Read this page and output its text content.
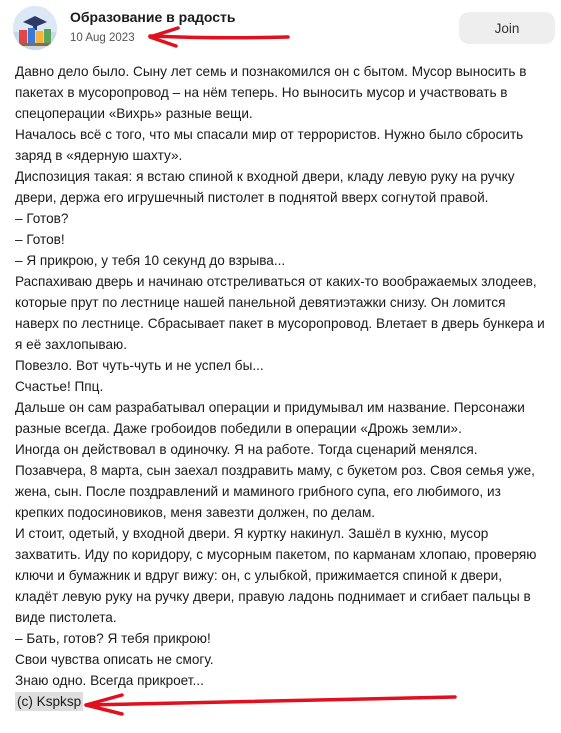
Образование в радость
10 Aug 2023
Join
Давно дело было. Сыну лет семь и познакомился он с бытом. Мусор выносить в
пакетах в мусоропровод – на нём теперь. Но выносить мусор и участвовать в
спецоперации «Вихрь» разные вещи.
Началось всё с того, что мы спасали мир от террористов. Нужно было сбросить
заряд в «ядерную шахту».
Диспозиция такая: я встаю спиной к входной двери, кладу левую руку на ручку
двери, держа его игрушечный пистолет в поднятой вверх согнутой правой.
– Готов?
– Готов!
– Я прикрою, у тебя 10 секунд до взрыва...
Распахиваю дверь и начинаю отстреливаться от каких-то воображаемых злодеев,
которые прут по лестнице нашей панельной девятиэтажки снизу. Он ломится
наверх по лестнице. Сбрасывает пакет в мусоропровод. Влетает в дверь бункера и
я её захлопываю.
Повезло. Вот чуть-чуть и не успел бы...
Счастье! Ппц.
Дальше он сам разрабатывал операции и придумывал им название. Персонажи
разные всегда. Даже гробоидов победили в операции «Дрожь земли».
Иногда он действовал в одиночку. Я на работе. Тогда сценарий менялся.
Позавчера, 8 марта, сын заехал поздравить маму, с букетом роз. Своя семья уже,
жена, сын. После поздравлений и маминого грибного супа, его любимого, из
крепких подосиновиков, меня завезти должен, по делам.
И стоит, одетый, у входной двери. Я куртку накинул. Зашёл в кухню, мусор
захватить. Иду по коридору, с мусорным пакетом, по карманам хлопаю, проверяю
ключи и бумажник и вдруг вижу: он, с улыбкой, прижимается спиной к двери,
кладёт левую руку на ручку двери, правую ладонь поднимает и сгибает пальцы в
виде пистолета.
– Бать, готов? Я тебя прикрою!
Свои чувства описать не смогу.
Знаю одно. Всегда прикроет...
(c) Kspksp
